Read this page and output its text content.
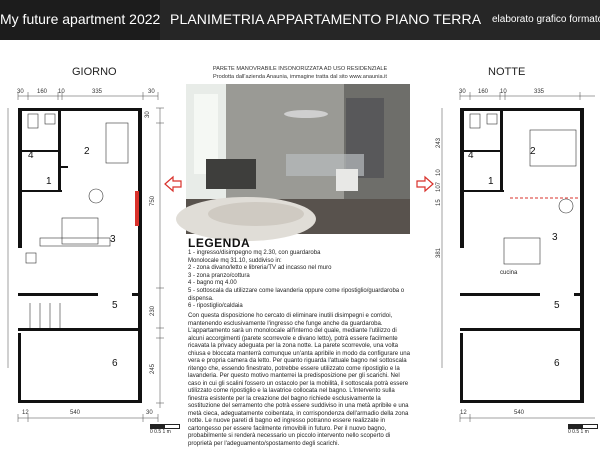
My future apartment 2022 PLANIMETRIA APPARTAMENTO PIANO TERRA elaborato grafico formato A
GIORNO	NOTTE
30 160 10	335	30
30
750
230
245
12	540	30
1
2
3
4
5
6
30 160 10	335
243
10
107
15
381
12	540
1
2
3
4
5
6
cucina
PARETE MANOVRABILE INSONORIZZATA AD USO RESIDENZIALE
Prodotta dall'azienda Anaunia, immagine tratta dal sito www.anaunia.it
LEGENDA
1 - ingresso/disimpegno mq 2.30, con guardaroba
Monolocale mq 31.10, suddiviso in:
2 - zona divano/letto e libreria/TV ad incasso nel muro
3 - zona pranzo/cottura
4 - bagno mq 4.00
5 - sottoscala da utilizzare come lavanderia oppure come ripostiglio/guardaroba o dispensa.
6 - ripostiglio/caldaia

Con questa disposizione ho cercato di eliminare inutili disimpegni e corridoi, mantenendo esclusivamente l'ingresso che funge anche da guardaroba. L'appartamento sarà un monolocale all'interno del quale, mediante l'utilizzo di alcuni accorgimenti (parete scorrevole e divano letto), potrà essere facilmente ricavata la privacy adeguata per la zona notte. La parete scorrevole, una volta chiusa e bloccata manterrà comunque un'anta apribile in modo da configurare una vera e propria camera da letto. Per quanto riguarda l'attuale bagno nel sottoscala ritengo che, essendo finestrato, potrebbe essere utilizzato come ripostiglio e la lavanderia. Per questo motivo manterrei la predisposizione per gli scarichi. Nel caso in cui gli scalini fossero un ostacolo per la mobilità, il sottoscala potrà essere utilizzato come ripostiglio e la lavatrice collocata nel bagno. L'intervento sulla finestra esistente per la creazione del bagno richiede esclusivamente la sostituzione del serramento che potrà essere suddiviso in una metà apribile e una metà cieca, adeguatamente coibentata, in corrispondenza dell'armadio della zona notte. Le nuove pareti di bagno ed ingresso potranno essere realizzate in cartongesso per essere facilmente rimovibili in futuro. Per il nuovo bagno, probabilmente si renderà necessario un piccolo intervento nello scoperto di proprietà per l'adeguamento/spostamento degli scarichi.

0 0.5 1 m	0 0.5 1 m
